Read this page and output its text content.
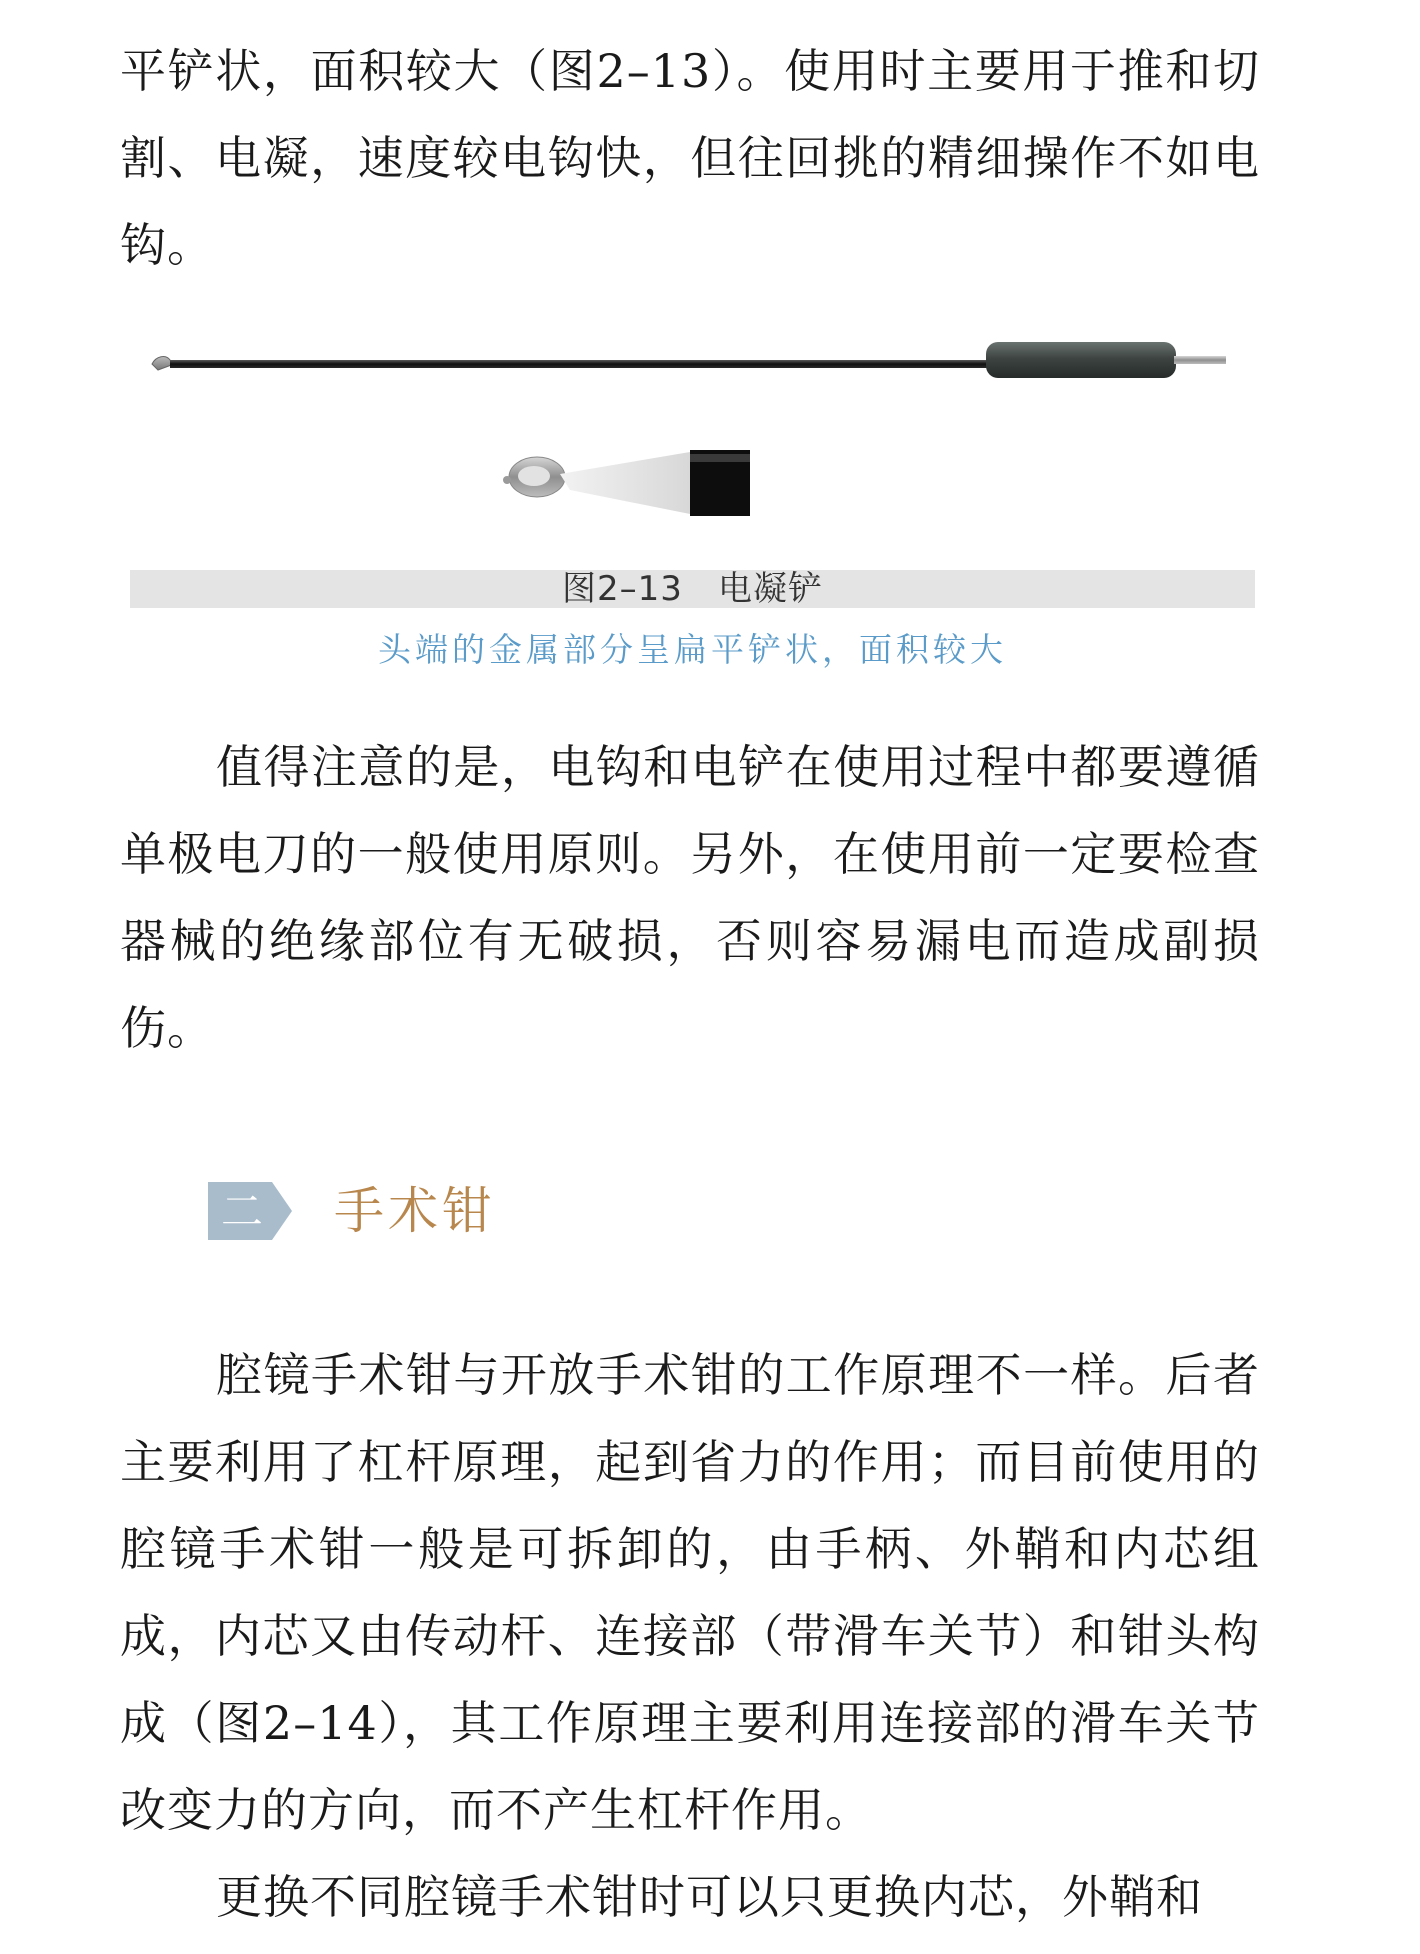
平铲状，面积较大（图2–13）。使用时主要用于推和切割、电凝，速度较电钩快，但往回挑的精细操作不如电钩。

图2–13　电凝铲
头端的金属部分呈扁平铲状，面积较大

值得注意的是，电钩和电铲在使用过程中都要遵循单极电刀的一般使用原则。另外，在使用前一定要检查器械的绝缘部位有无破损，否则容易漏电而造成副损伤。

二 手术钳

腔镜手术钳与开放手术钳的工作原理不一样。后者主要利用了杠杆原理，起到省力的作用；而目前使用的腔镜手术钳一般是可拆卸的，由手柄、外鞘和内芯组成，内芯又由传动杆、连接部（带滑车关节）和钳头构成（图2–14），其工作原理主要利用连接部的滑车关节改变力的方向，而不产生杠杆作用。

更换不同腔镜手术钳时可以只更换内芯，外鞘和
